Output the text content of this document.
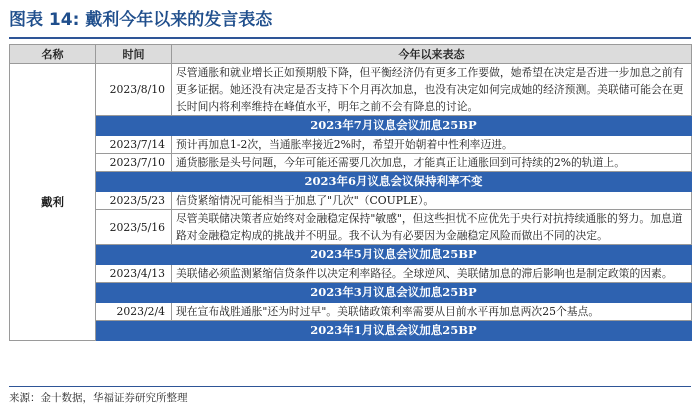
图表 14: 戴利今年以来的发言表态
名称	时间	今年以来表态
戴利	2023/8/10	尽管通胀和就业增长正如预期般下降，但平衡经济仍有更多工作要做，她希望在决定是否进一步加息之前有更多证据。她还没有决定是否支持下个月再次加息，也没有决定如何完成她的经济预测。美联储可能会在更长时间内将利率维持在峰值水平，明年之前不会有降息的讨论。
	2023年7月议息会议加息25BP	
	2023/7/14	预计再加息1-2次，当通胀率接近2%时，希望开始朝着中性利率迈进。
	2023/7/10	通货膨胀是头号问题，今年可能还需要几次加息，才能真正让通胀回到可持续的2%的轨道上。
	2023年6月议息会议保持利率不变	
	2023/5/23	信贷紧缩情况可能相当于加息了"几次"（COUPLE）。
	2023/5/16	尽管美联储决策者应始终对金融稳定保持"敏感"，但这些担忧不应优先于央行对抗持续通胀的努力。加息道路对金融稳定构成的挑战并不明显。我不认为有必要因为金融稳定风险而做出不同的决定。
	2023年5月议息会议加息25BP	
	2023/4/13	美联储必须监测紧缩信贷条件以决定利率路径。全球逆风、美联储加息的滞后影响也是制定政策的因素。
	2023年3月议息会议加息25BP	
	2023/2/4	现在宣布战胜通胀"还为时过早"。美联储政策利率需要从目前水平再加息两次25个基点。
	2023年1月议息会议加息25BP	
来源：金十数据，华福证券研究所整理
